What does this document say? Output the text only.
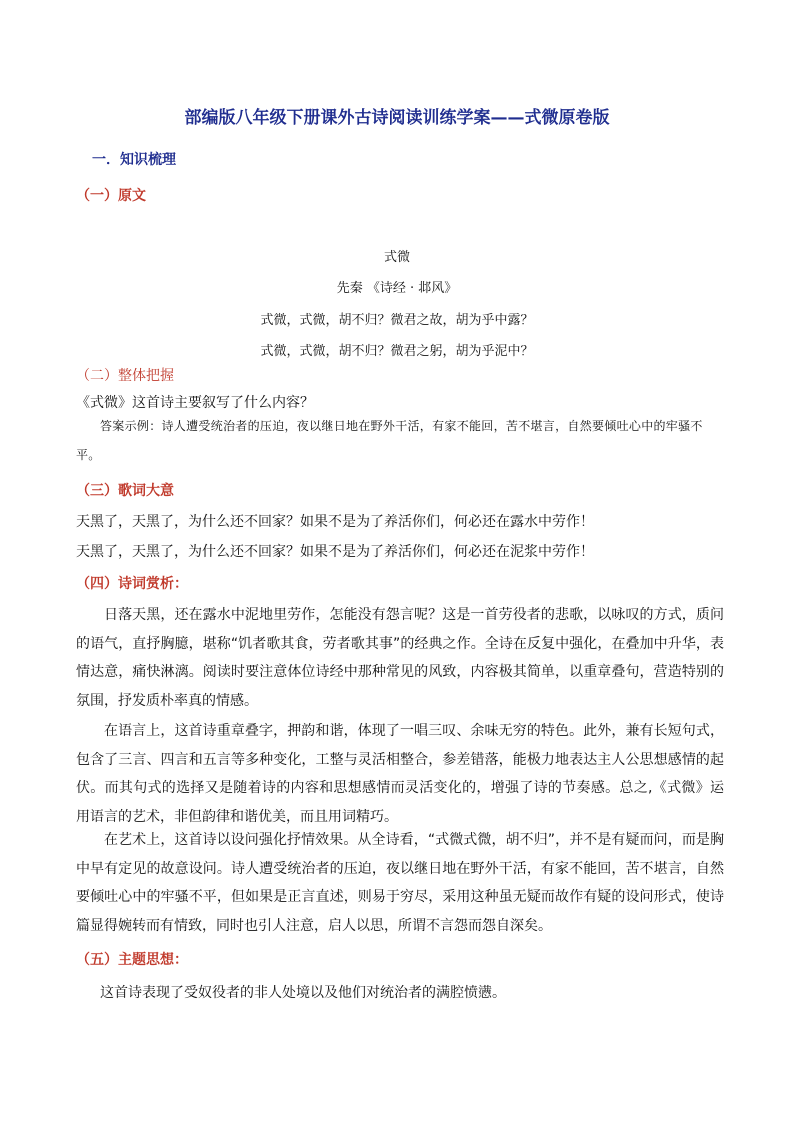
部编版八年级下册课外古诗阅读训练学案——式微原卷版
一．知识梳理
（一）原文
式微
先秦 《诗经 · 邶风》
式微，式微，胡不归？微君之故，胡为乎中露？
式微，式微，胡不归？微君之躬，胡为乎泥中？
（二）整体把握
《式微》这首诗主要叙写了什么内容？
答案示例：诗人遭受统治者的压迫，夜以继日地在野外干活，有家不能回，苦不堪言，自然要倾吐心中的牢骚不平。
（三）歌词大意
天黑了，天黑了，为什么还不回家？如果不是为了养活你们，何必还在露水中劳作！
天黑了，天黑了，为什么还不回家？如果不是为了养活你们，何必还在泥浆中劳作！
（四）诗词赏析：
日落天黑，还在露水中泥地里劳作，怎能没有怨言呢？这是一首劳役者的悲歌，以咏叹的方式，质问的语气，直抒胸臆，堪称“饥者歌其食，劳者歌其事”的经典之作。全诗在反复中强化，在叠加中升华，表情达意，痛快淋漓。阅读时要注意体位诗经中那种常见的风致，内容极其简单，以重章叠句，营造特别的氛围，抒发质朴率真的情感。
在语言上，这首诗重章叠字，押韵和谐，体现了一唱三叹、余味无穷的特色。此外，兼有长短句式，包含了三言、四言和五言等多种变化，工整与灵活相整合，参差错落，能极力地表达主人公思想感情的起伏。而其句式的选择又是随着诗的内容和思想感情而灵活变化的，增强了诗的节奏感。总之,《式微》运用语言的艺术，非但韵律和谐优美，而且用词精巧。
在艺术上，这首诗以设问强化抒情效果。从全诗看，“式微式微，胡不归”，并不是有疑而问，而是胸中早有定见的故意设问。诗人遭受统治者的压迫，夜以继日地在野外干活，有家不能回，苦不堪言，自然要倾吐心中的牢骚不平，但如果是正言直述，则易于穷尽，采用这种虽无疑而故作有疑的设问形式，使诗篇显得婉转而有情致，同时也引人注意，启人以思，所谓不言怨而怨自深矣。
（五）主题思想：
这首诗表现了受奴役者的非人处境以及他们对统治者的满腔愤懑。
